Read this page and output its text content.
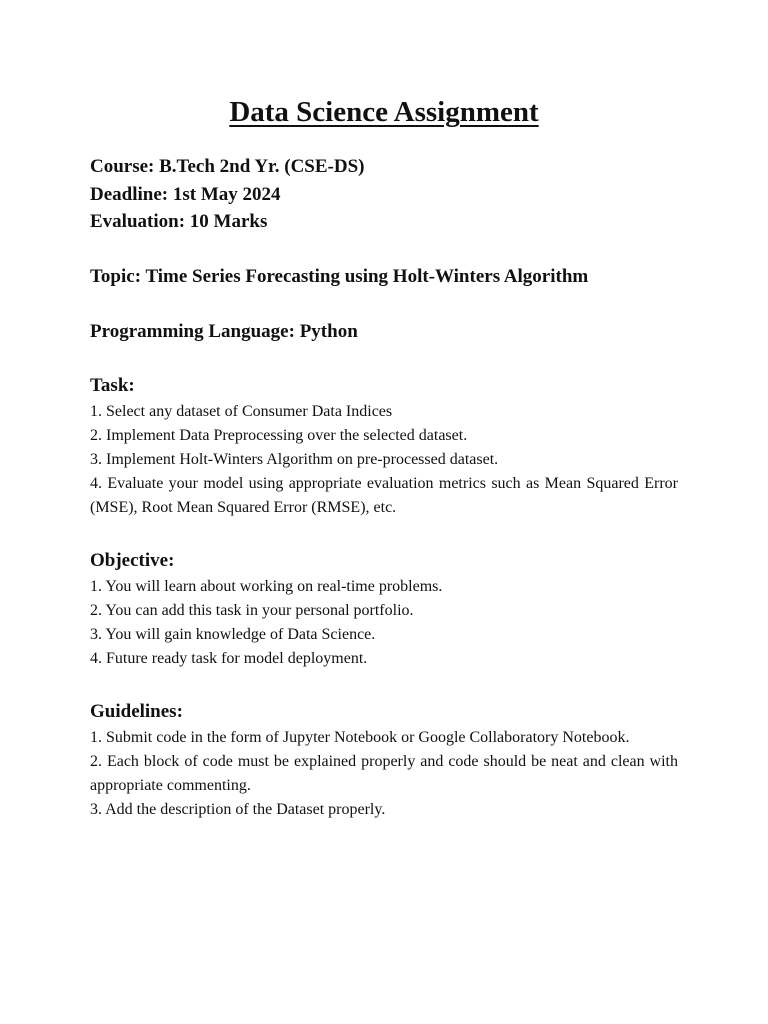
Data Science Assignment
Course: B.Tech 2nd Yr. (CSE-DS)
Deadline: 1st May 2024
Evaluation: 10 Marks
Topic: Time Series Forecasting using Holt-Winters Algorithm
Programming Language: Python
Task:
1. Select any dataset of Consumer Data Indices
2. Implement Data Preprocessing over the selected dataset.
3. Implement Holt-Winters Algorithm on pre-processed dataset.
4. Evaluate your model using appropriate evaluation metrics such as Mean Squared Error (MSE), Root Mean Squared Error (RMSE), etc.
Objective:
1. You will learn about working on real-time problems.
2. You can add this task in your personal portfolio.
3. You will gain knowledge of Data Science.
4. Future ready task for model deployment.
Guidelines:
1. Submit code in the form of Jupyter Notebook or Google Collaboratory Notebook.
2. Each block of code must be explained properly and code should be neat and clean with appropriate commenting.
3. Add the description of the Dataset properly.
